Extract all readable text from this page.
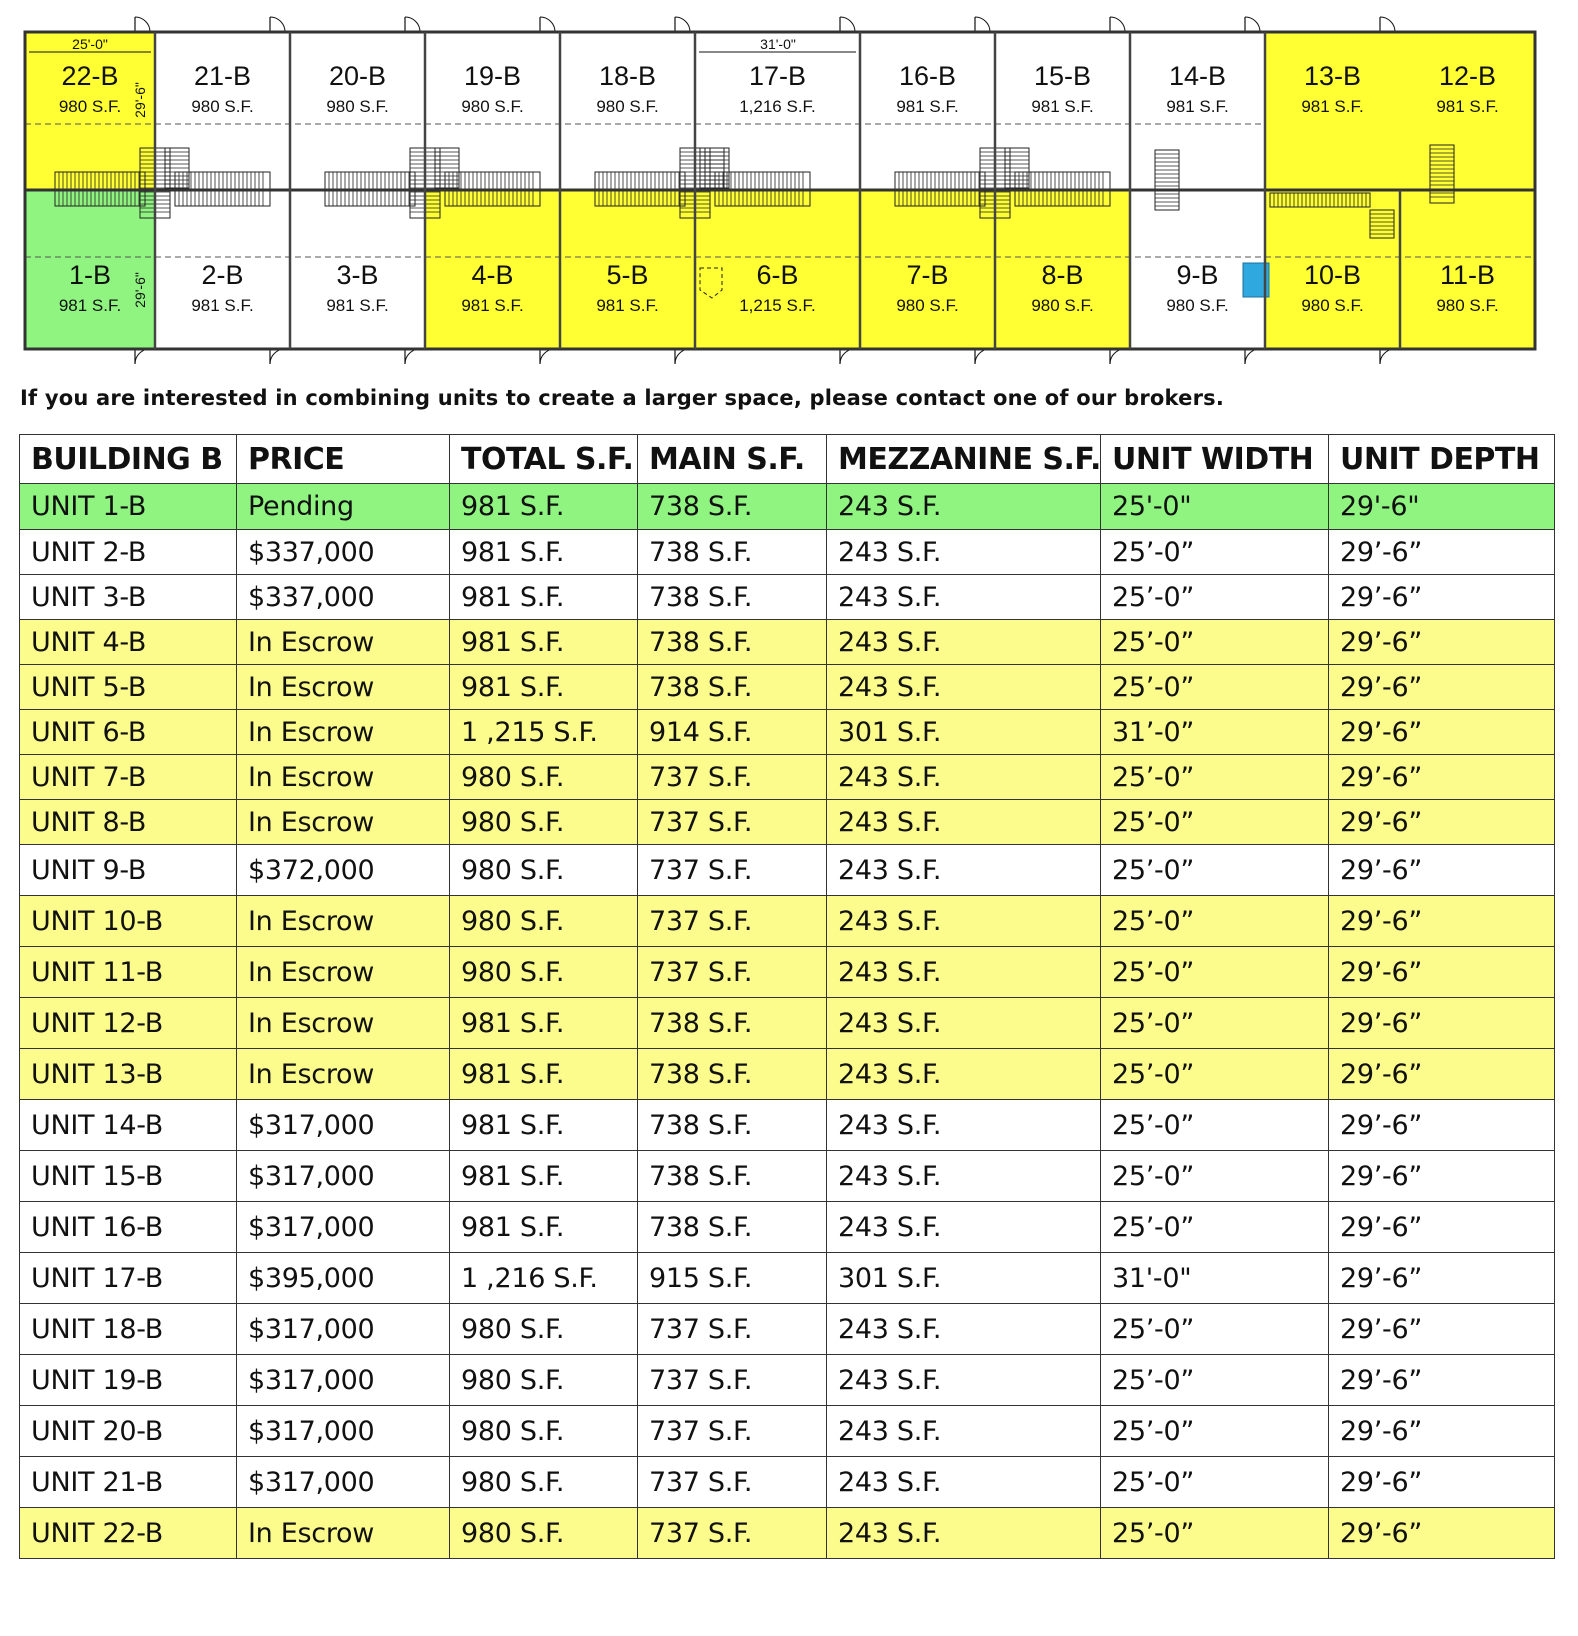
22-B
980 S.F.
21-B
980 S.F.
20-B
980 S.F.
19-B
980 S.F.
18-B
980 S.F.
17-B
1,216 S.F.
16-B
981 S.F.
15-B
981 S.F.
14-B
981 S.F.
13-B
981 S.F.
12-B
981 S.F.
1-B
981 S.F.
2-B
981 S.F.
3-B
981 S.F.
4-B
981 S.F.
5-B
981 S.F.
6-B
1,215 S.F.
7-B
980 S.F.
8-B
980 S.F.
9-B
980 S.F.
10-B
980 S.F.
11-B
980 S.F.
25'-0"	31'-0"
29'-6"
29'-6"

If you are interested in combining units to create a larger space, please contact one of our brokers.

BUILDING B	PRICE	TOTAL S.F.	MAIN S.F.	MEZZANINE S.F.	UNIT WIDTH	UNIT DEPTH
UNIT 1-B	Pending	981 S.F.	738 S.F.	243 S.F.	25'-0"	29'-6"
UNIT 2-B	$337,000	981 S.F.	738 S.F.	243 S.F.	25’-0”	29’-6”
UNIT 3-B	$337,000	981 S.F.	738 S.F.	243 S.F.	25’-0”	29’-6”
UNIT 4-B	In Escrow	981 S.F.	738 S.F.	243 S.F.	25’-0”	29’-6”
UNIT 5-B	In Escrow	981 S.F.	738 S.F.	243 S.F.	25’-0”	29’-6”
UNIT 6-B	In Escrow	1 ,215 S.F.	914 S.F.	301 S.F.	31’-0”	29’-6”
UNIT 7-B	In Escrow	980 S.F.	737 S.F.	243 S.F.	25’-0”	29’-6”
UNIT 8-B	In Escrow	980 S.F.	737 S.F.	243 S.F.	25’-0”	29’-6”
UNIT 9-B	$372,000	980 S.F.	737 S.F.	243 S.F.	25’-0”	29’-6”
UNIT 10-B	In Escrow	980 S.F.	737 S.F.	243 S.F.	25’-0”	29’-6”
UNIT 11-B	In Escrow	980 S.F.	737 S.F.	243 S.F.	25’-0”	29’-6”
UNIT 12-B	In Escrow	981 S.F.	738 S.F.	243 S.F.	25’-0”	29’-6”
UNIT 13-B	In Escrow	981 S.F.	738 S.F.	243 S.F.	25’-0”	29’-6”
UNIT 14-B	$317,000	981 S.F.	738 S.F.	243 S.F.	25’-0”	29’-6”
UNIT 15-B	$317,000	981 S.F.	738 S.F.	243 S.F.	25’-0”	29’-6”
UNIT 16-B	$317,000	981 S.F.	738 S.F.	243 S.F.	25’-0”	29’-6”
UNIT 17-B	$395,000	1 ,216 S.F.	915 S.F.	301 S.F.	31'-0"	29’-6”
UNIT 18-B	$317,000	980 S.F.	737 S.F.	243 S.F.	25’-0”	29’-6”
UNIT 19-B	$317,000	980 S.F.	737 S.F.	243 S.F.	25’-0”	29’-6”
UNIT 20-B	$317,000	980 S.F.	737 S.F.	243 S.F.	25’-0”	29’-6”
UNIT 21-B	$317,000	980 S.F.	737 S.F.	243 S.F.	25’-0”	29’-6”
UNIT 22-B	In Escrow	980 S.F.	737 S.F.	243 S.F.	25’-0”	29’-6”
